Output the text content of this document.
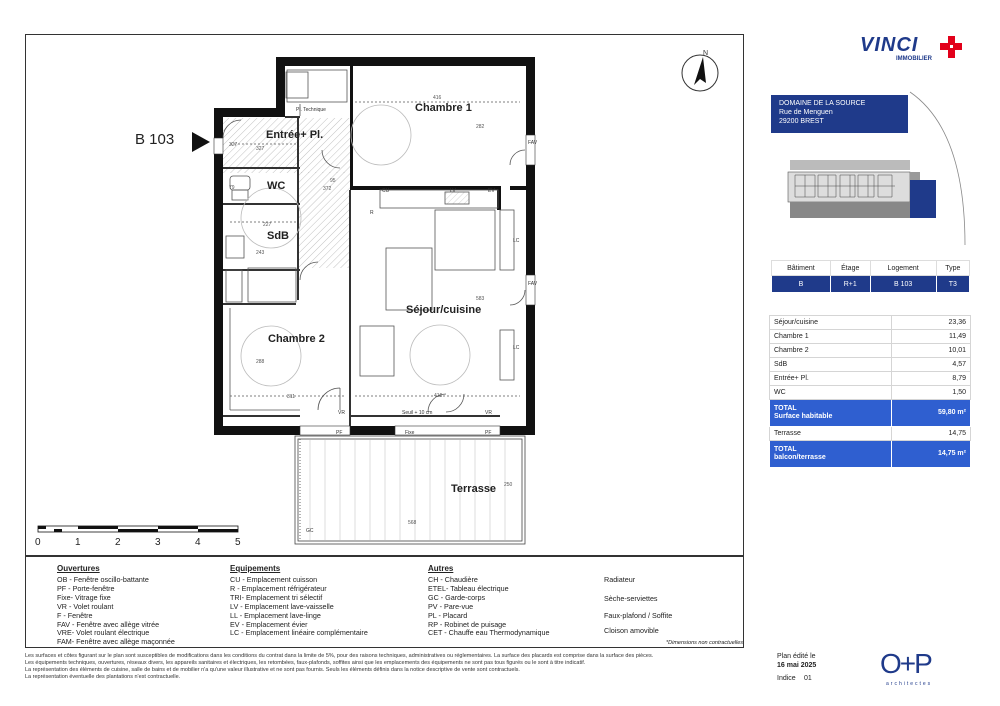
VINCI
IMMOBILIER
DOMAINE DE LA SOURCE
Rue de Menguen
29200 BREST
Bâtiment	Étage	Logement	Type
B	R+1	B 103	T3
Séjour/cuisine	23,36
Chambre 1	11,49
Chambre 2	10,01
SdB	4,57
Entrée+ Pl.	8,79
WC	1,50
TOTAL
Surface habitable	59,80 m²
Terrasse	14,75
TOTAL
balcon/terrasse	14,75 m²
B 103
Chambre 1
Entrée+ Pl.
WC
SdB
Séjour/cuisine
Chambre 2
Terrasse
Pl. Technique
Seuil + 10 cm
VR	VR
Fixe
PF	PF
FAV
FAV
LC
LC
CU	LV	EV
R
GC
N
416
282
327
327
79
95
372
227
243
288
311
583
416
568
250
0	1	2	3	4	5
Ouvertures
OB - Fenêtre oscillo-battante
PF - Porte-fenêtre
Fixe- Vitrage fixe
VR - Volet roulant
F - Fenêtre
FAV - Fenêtre avec allège vitrée
VRE- Volet roulant électrique
FAM- Fenêtre avec allège maçonnée
Equipements
CU - Emplacement cuisson
R - Emplacement réfrigérateur
TRI- Emplacement tri sélectif
LV - Emplacement lave-vaisselle
LL - Emplacement lave-linge
EV - Emplacement évier
LC - Emplacement linéaire complémentaire
Autres
CH - Chaudière
ETEL- Tableau électrique
GC - Garde-corps
PV - Pare-vue
PL - Placard
RP - Robinet de puisage
CET - Chauffe eau Thermodynamique
Radiateur
Sèche-serviettes
Faux-plafond / Soffite
Cloison amovible
*Dimensions non contractuelles
Les surfaces et côtes figurant sur le plan sont susceptibles de modifications dans les conditions du contrat dans la limite de 5%, pour des raisons techniques, administratives ou réglementaires. La surface des placards est comprise dans la surface des pièces.
Les équipements techniques, ouvertures, réseaux divers, les appareils sanitaires et électriques, les retombées, faux-plafonds, soffites ainsi que les emplacements des équipements ne sont pas tous figurés ou le sont à titre indicatif.
La représentation des éléments de cuisine, salle de bains et de mobilier n'a qu'une valeur illustrative et ne sont pas fournis. Seuls les éléments définis dans la notice descriptive de vente sont contractuels.
La représentation éventuelle des plantations n'est contractuelle.
Plan édité le
16 mai 2025
Indice 01 O+P
architectes
